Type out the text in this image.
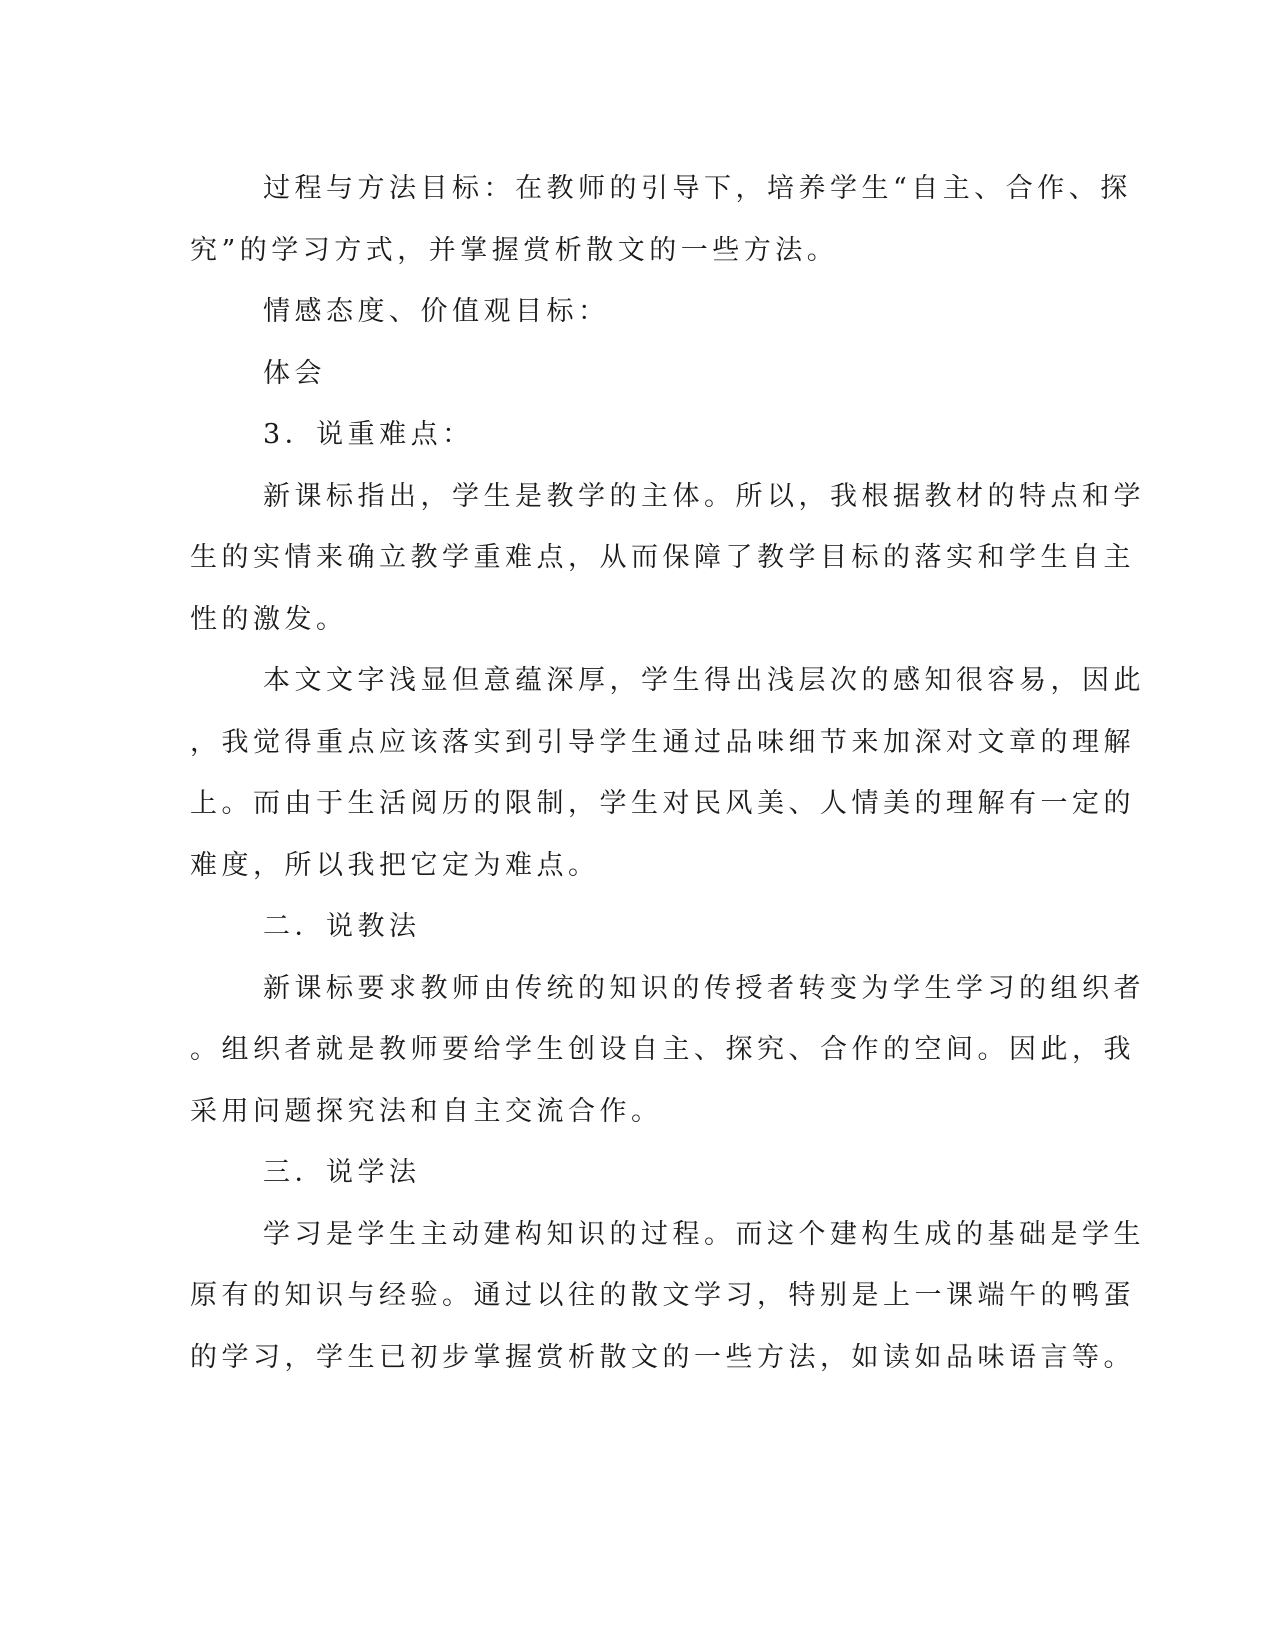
过程与方法目标：在教师的引导下，培养学生“自主、合作、探

究”的学习方式，并掌握赏析散文的一些方法。

情感态度、价值观目标：

体会

3．说重难点：

新课标指出，学生是教学的主体。所以，我根据教材的特点和学

生的实情来确立教学重难点，从而保障了教学目标的落实和学生自主

性的激发。

本文文字浅显但意蕴深厚，学生得出浅层次的感知很容易，因此

，我觉得重点应该落实到引导学生通过品味细节来加深对文章的理解

上。而由于生活阅历的限制，学生对民风美、人情美的理解有一定的

难度，所以我把它定为难点。

二．说教法

新课标要求教师由传统的知识的传授者转变为学生学习的组织者

。组织者就是教师要给学生创设自主、探究、合作的空间。因此，我

采用问题探究法和自主交流合作。

三．说学法

学习是学生主动建构知识的过程。而这个建构生成的基础是学生

原有的知识与经验。通过以往的散文学习，特别是上一课端午的鸭蛋

的学习，学生已初步掌握赏析散文的一些方法，如读如品味语言等。
